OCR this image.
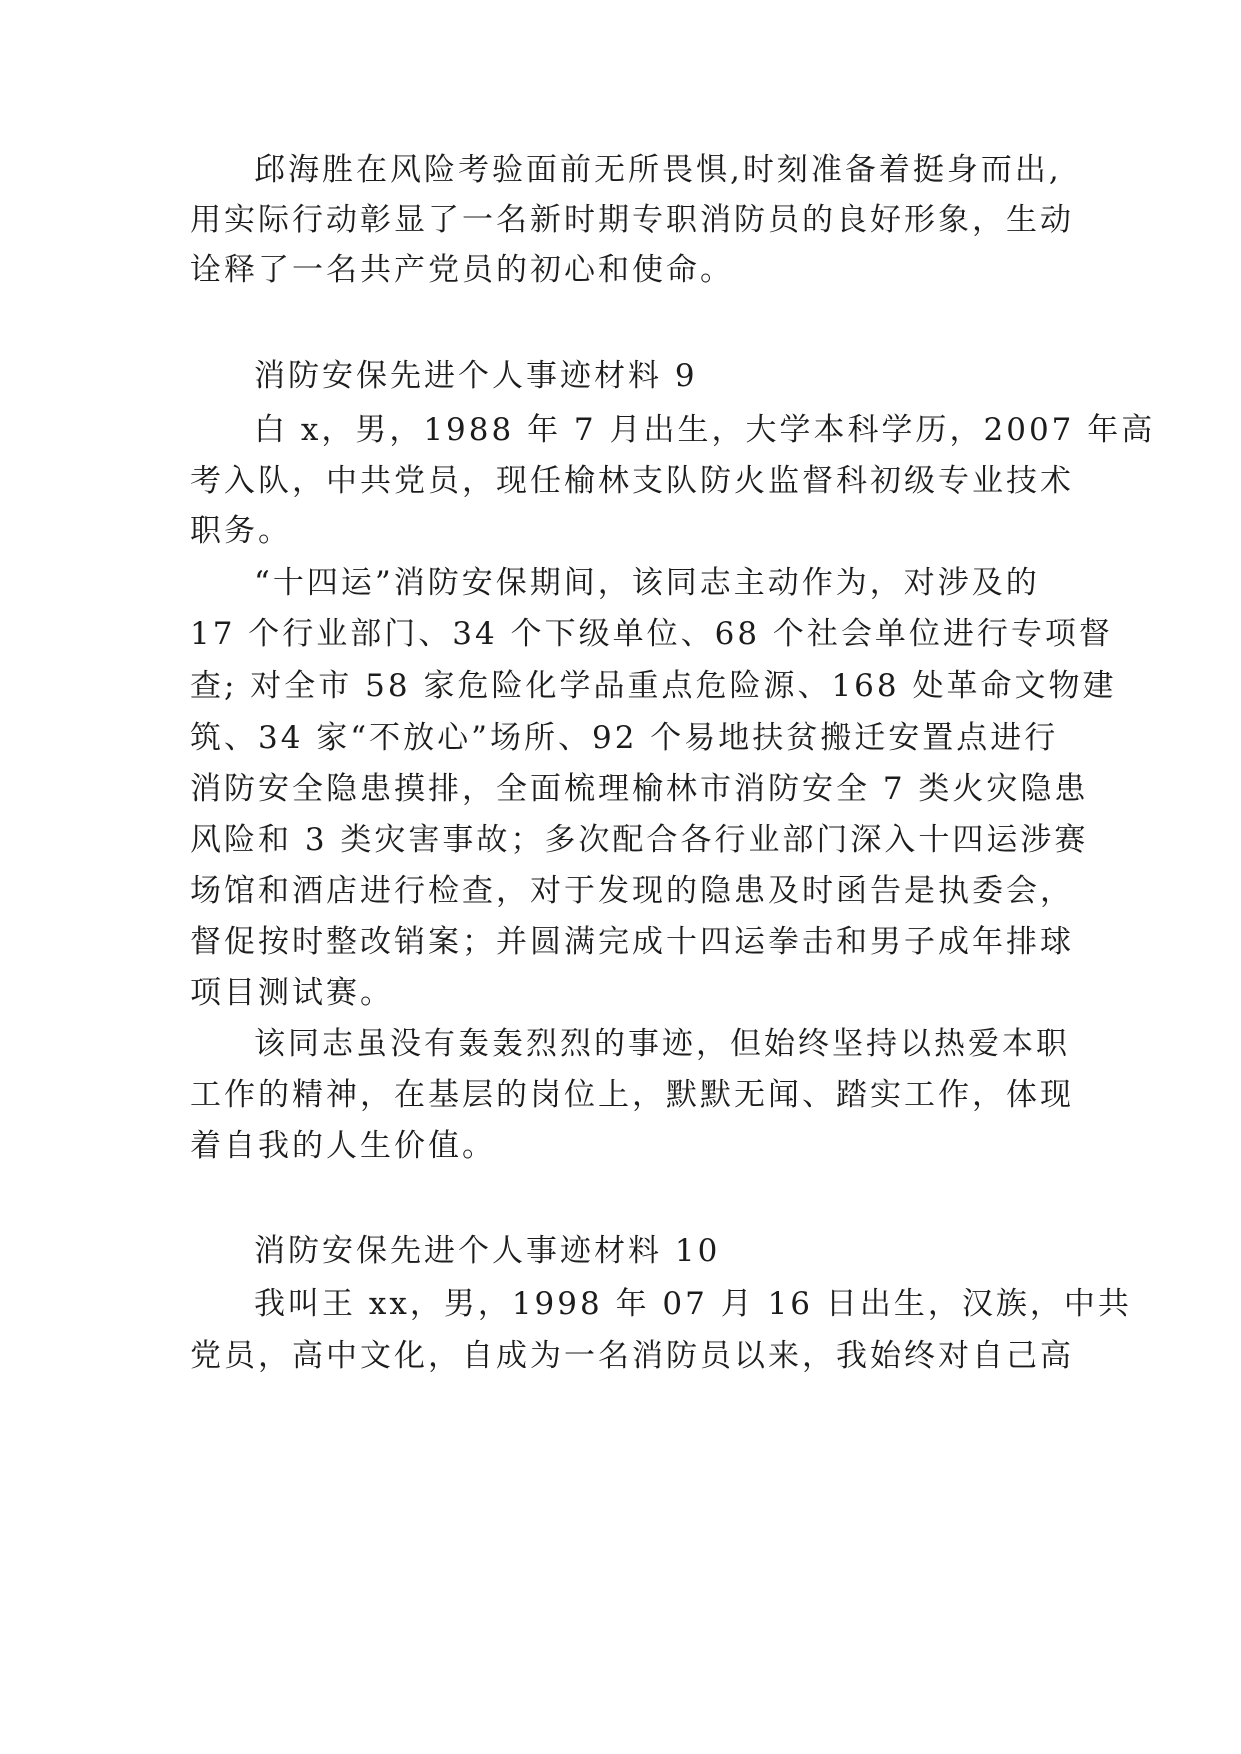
邱海胜在风险考验面前无所畏惧,时刻准备着挺身而出,
用实际行动彰显了一名新时期专职消防员的良好形象，生动
诠释了一名共产党员的初心和使命。
消防安保先进个人事迹材料 9
白 x，男，1988 年 7 月出生，大学本科学历，2007 年高
考入队，中共党员，现任榆林支队防火监督科初级专业技术
职务。
“十四运”消防安保期间，该同志主动作为，对涉及的
17 个行业部门、34 个下级单位、68 个社会单位进行专项督
查; 对全市 58 家危险化学品重点危险源、168 处革命文物建
筑、34 家“不放心”场所、92 个易地扶贫搬迁安置点进行
消防安全隐患摸排，全面梳理榆林市消防安全 7 类火灾隐患
风险和 3 类灾害事故；多次配合各行业部门深入十四运涉赛
场馆和酒店进行检查，对于发现的隐患及时函告是执委会，
督促按时整改销案；并圆满完成十四运拳击和男子成年排球
项目测试赛。
该同志虽没有轰轰烈烈的事迹，但始终坚持以热爱本职
工作的精神，在基层的岗位上，默默无闻、踏实工作，体现
着自我的人生价值。
消防安保先进个人事迹材料 10
我叫王 xx，男，1998 年 07 月 16 日出生，汉族，中共
党员，高中文化，自成为一名消防员以来，我始终对自己高
